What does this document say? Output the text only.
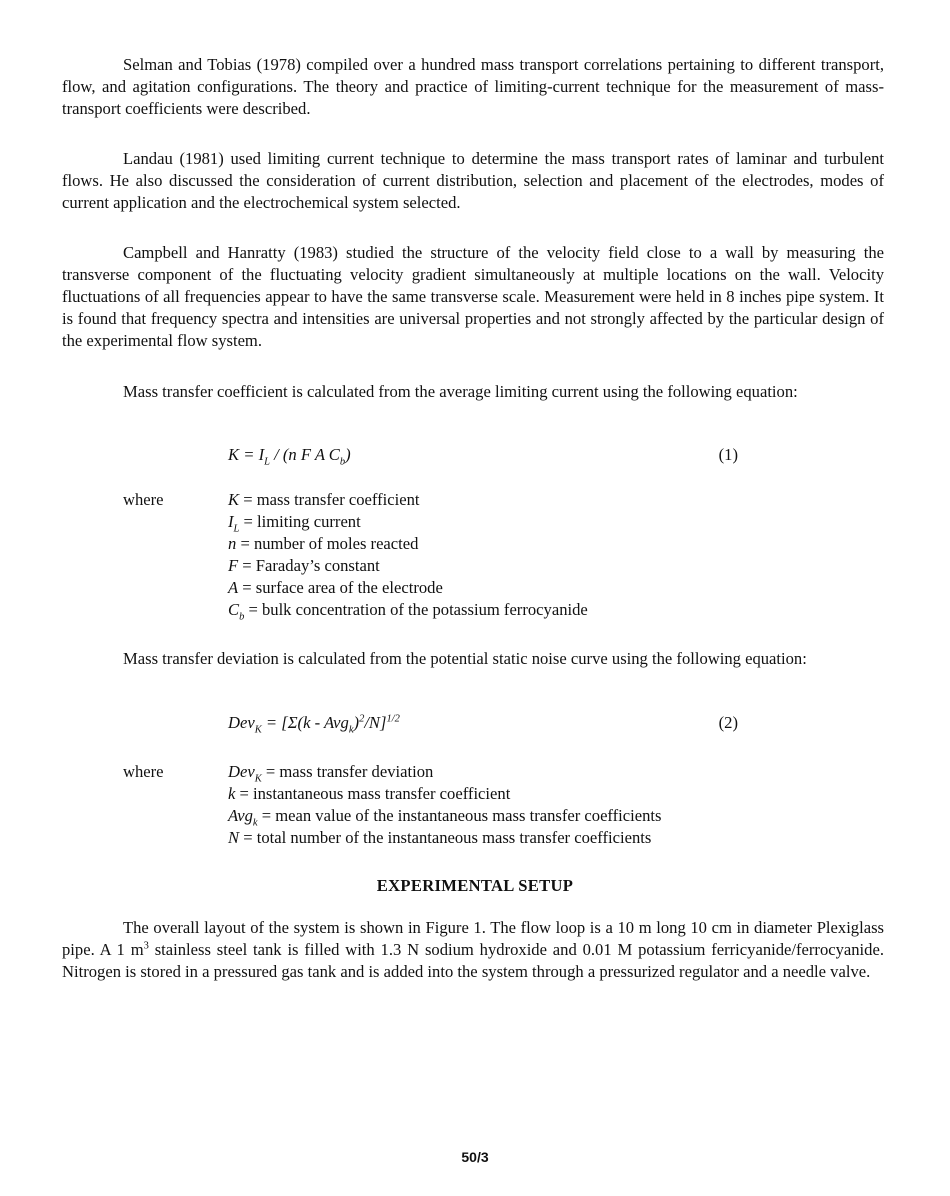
Selman and Tobias (1978) compiled over a hundred mass transport correlations pertaining to different transport, flow, and agitation configurations. The theory and practice of limiting-current technique for the measurement of mass-transport coefficients were described.

Landau (1981) used limiting current technique to determine the mass transport rates of laminar and turbulent flows. He also discussed the consideration of current distribution, selection and placement of the electrodes, modes of current application and the electrochemical system selected.

Campbell and Hanratty (1983) studied the structure of the velocity field close to a wall by measuring the transverse component of the fluctuating velocity gradient simultaneously at multiple locations on the wall. Velocity fluctuations of all frequencies appear to have the same transverse scale. Measurement were held in 8 inches pipe system. It is found that frequency spectra and intensities are universal properties and not strongly affected by the particular design of the experimental flow system.

Mass transfer coefficient is calculated from the average limiting current using the following equation:

$K = I_L / (n$ F A $C_b$)	(1)
where	K = mass transfer coefficient
$I_L$ = limiting current
n = number of moles reacted
F = Faraday’s constant
A = surface area of the electrode
$C_b$ = bulk concentration of the potassium ferrocyanide

Mass transfer deviation is calculated from the potential static noise curve using the following equation:

Dev$_K$ = [Σ(k - Avg$_k$)$^2$/N]$^{1/2}$	(2)
where	Dev$_K$ = mass transfer deviation
k = instantaneous mass transfer coefficient
Avg$_k$ = mean value of the instantaneous mass transfer coefficients
N = total number of the instantaneous mass transfer coefficients
EXPERIMENTAL SETUP

The overall layout of the system is shown in Figure 1. The flow loop is a 10 m long 10 cm in diameter Plexiglass pipe. A 1 $m^3$ stainless steel tank is filled with 1.3 N sodium hydroxide and 0.01 M potassium ferricyanide/ferrocyanide. Nitrogen is stored in a pressured gas tank and is added into the system through a pressurized regulator and a needle valve.

50/3
